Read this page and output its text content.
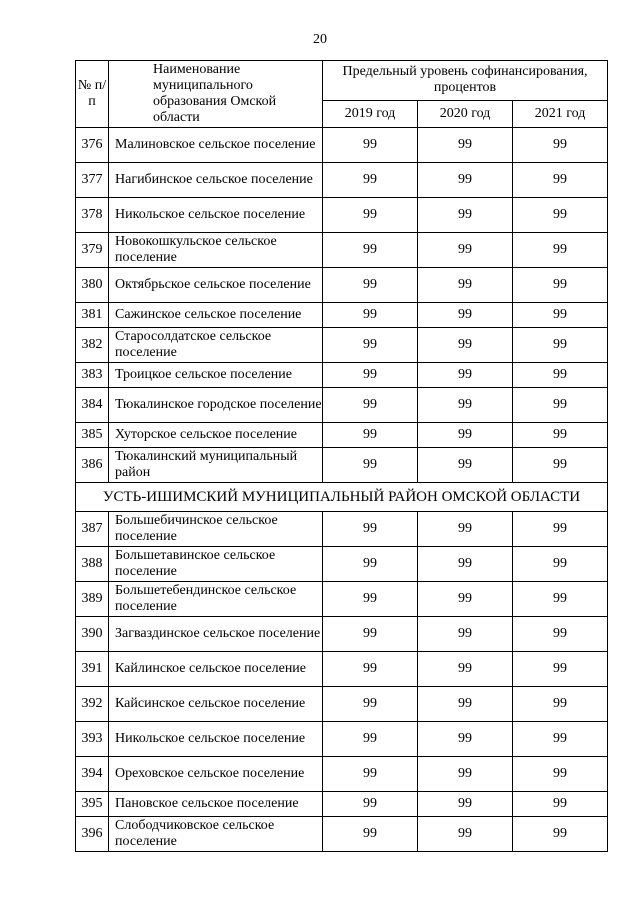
20
№ п/п	Наименование муниципального образования Омской области	Предельный уровень софинансирования, процентов		
		2019 год	2020 год	2021 год
376	Малиновское сельское поселение	99	99	99
377	Нагибинское сельское поселение	99	99	99
378	Никольское сельское поселение	99	99	99
379	Новокошкульское сельское поселение	99	99	99
380	Октябрьское сельское поселение	99	99	99
381	Сажинское сельское поселение	99	99	99
382	Старосолдатское сельское поселение	99	99	99
383	Троицкое сельское поселение	99	99	99
384	Тюкалинское городское поселение	99	99	99
385	Хуторское сельское поселение	99	99	99
386	Тюкалинский муниципальный район	99	99	99
УСТЬ-ИШИМСКИЙ МУНИЦИПАЛЬНЫЙ РАЙОН ОМСКОЙ ОБЛАСТИ				
387	Большебичинское сельское поселение	99	99	99
388	Большетавинское сельское поселение	99	99	99
389	Большетебендинское сельское поселение	99	99	99
390	Загваздинское сельское поселение	99	99	99
391	Кайлинское сельское поселение	99	99	99
392	Кайсинское сельское поселение	99	99	99
393	Никольское сельское поселение	99	99	99
394	Ореховское сельское поселение	99	99	99
395	Пановское сельское поселение	99	99	99
396	Слободчиковское сельское поселение	99	99	99
